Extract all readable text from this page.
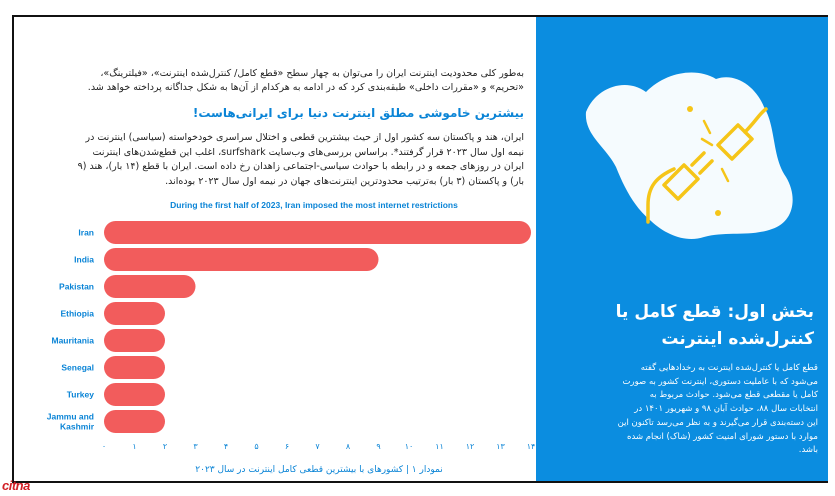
به‌طور کلی محدودیت اینترنت ایران را می‌توان به چهار سطح «قطع کامل/ کنترل‌شده اینترنت»، «فیلترینگ»،
«تحریم» و «مقررات داخلی» طبقه‌بندی کرد که در ادامه به هرکدام از آن‌ها به شکل جداگانه پرداخته خواهد شد.
بیشترین خاموشی مطلق اینترنت دنیا برای ایرانی‌هاست!
ایران، هند و پاکستان سه کشور اول از حیث بیشترین قطعی و اختلال سراسری خودخواسته (سیاسی) اینترنت در
نیمه اول سال ۲۰۲۳ قرار گرفتند*. براساس بررسی‌های وب‌سایت surfshark، اغلب این قطع‌شدن‌های اینترنت
ایران در روزهای جمعه و در رابطه با حوادث سیاسی-اجتماعی زاهدان رخ داده است. ایران با قطع (۱۴ بار)، هند (۹
بار) و پاکستان (۳ بار) به‌ترتیب محدودترین اینترنت‌های جهان در نیمه اول سال ۲۰۲۳ بوده‌اند.
During the first half of 2023, Iran imposed the most internet restrictions
Iran
India
Pakistan
Ethiopia
Mauritania
Senegal
Turkey
Jammu and
Kashmir
۰	۱	۲	۳	۴	۵	۶	۷	۸	۹	۱۰	۱۱	۱۲	۱۳	۱۴
نمودار ۱ | کشورهای با بیشترین قطعی کامل اینترنت در سال ۲۰۲۳
بخش اول: قطع کامل یا
کنترل‌شده اینترنت
قطع کامل یا کنترل‌شده اینترنت به رخدادهایی گفته
می‌شود که با عاملیت دستوری، اینترنت کشور به صورت
کامل یا مقطعی قطع می‌شود. حوادث مربوط به
انتخابات سال ۸۸، حوادث آبان ۹۸ و شهریور ۱۴۰۱ در
این دسته‌بندی قرار می‌گیرند و به نظر می‌رسد تاکنون این
موارد با دستور شورای امنیت کشور (شاک) انجام شده
باشد.
citna
